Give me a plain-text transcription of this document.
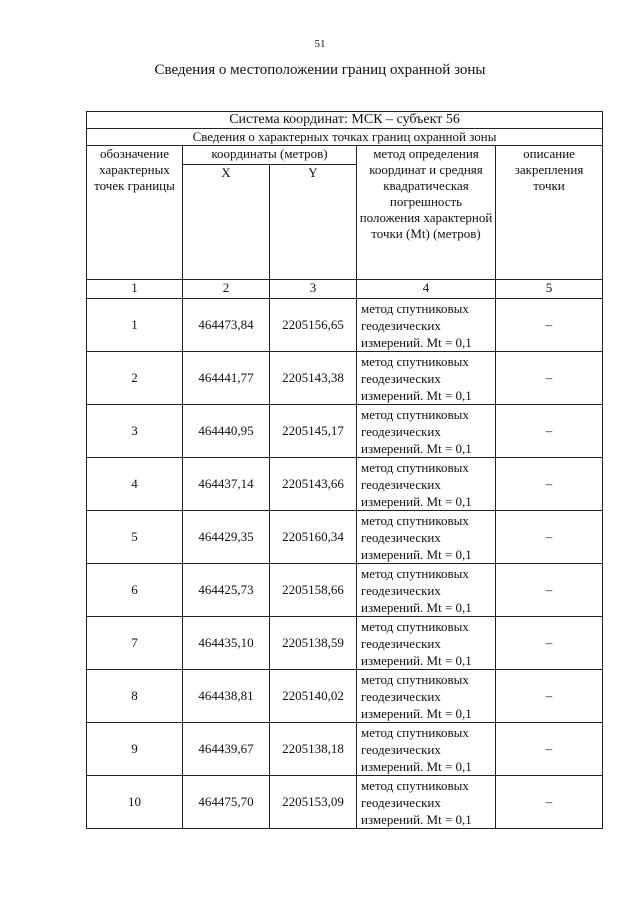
51
Сведения о местоположении границ охранной зоны
Система координат: МСК – субъект 56				
Сведения о характерных точках границ охранной зоны				
обозначение характерных точек границы	координаты (метров)		метод определения координат и средняя квадратическая погрешность положения характерной точки (Mt) (метров)	описание закрепления точки
	X	Y		
1	2	3	4	5
1	464473,84	2205156,65	метод спутниковых геодезических измерений. Mt = 0,1	–
2	464441,77	2205143,38	метод спутниковых геодезических измерений. Mt = 0,1	–
3	464440,95	2205145,17	метод спутниковых геодезических измерений. Mt = 0,1	–
4	464437,14	2205143,66	метод спутниковых геодезических измерений. Mt = 0,1	–
5	464429,35	2205160,34	метод спутниковых геодезических измерений. Mt = 0,1	–
6	464425,73	2205158,66	метод спутниковых геодезических измерений. Mt = 0,1	–
7	464435,10	2205138,59	метод спутниковых геодезических измерений. Mt = 0,1	–
8	464438,81	2205140,02	метод спутниковых геодезических измерений. Mt = 0,1	–
9	464439,67	2205138,18	метод спутниковых геодезических измерений. Mt = 0,1	–
10	464475,70	2205153,09	метод спутниковых геодезических измерений. Mt = 0,1	–
